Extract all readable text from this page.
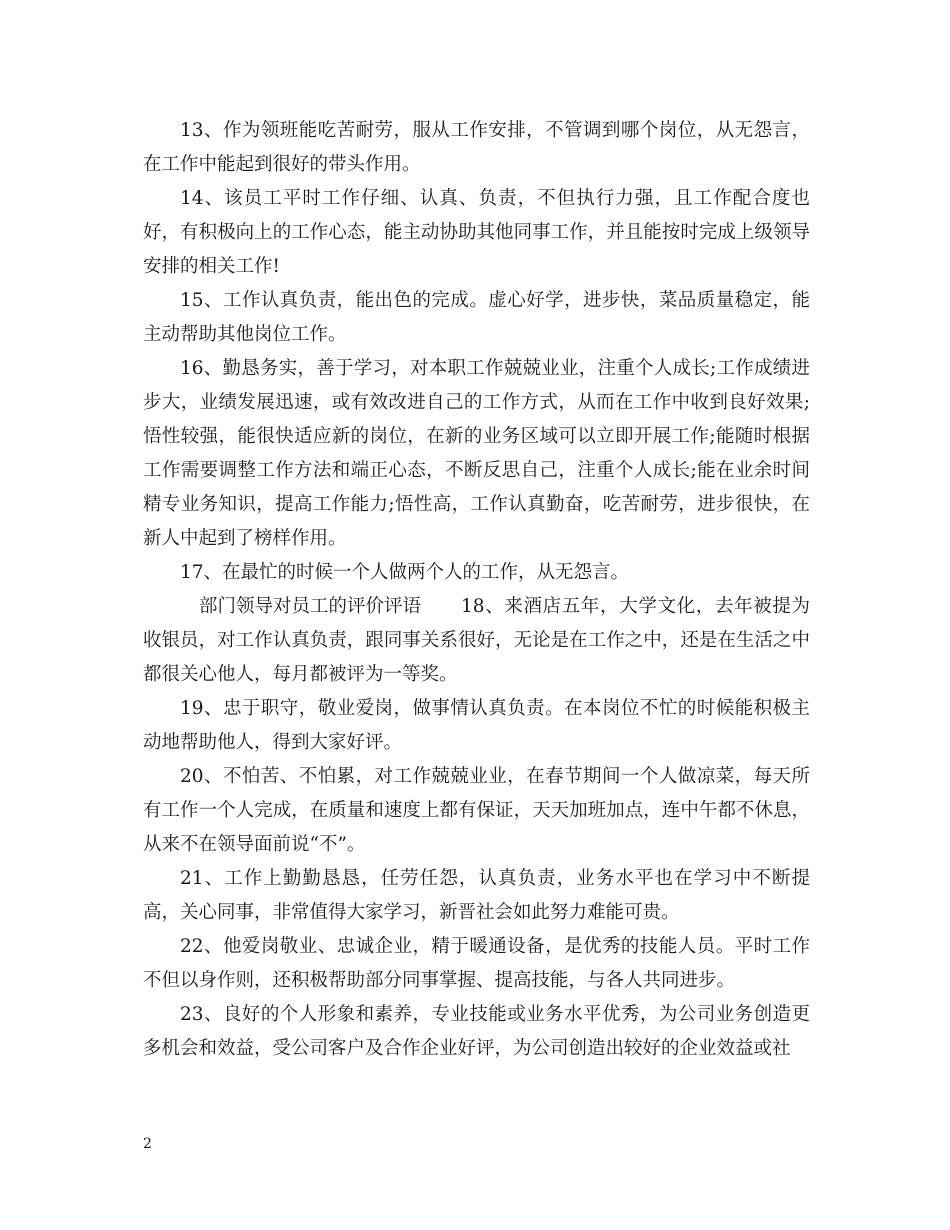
13、作为领班能吃苦耐劳，服从工作安排，不管调到哪个岗位，从无怨言，在工作中能起到很好的带头作用。

14、该员工平时工作仔细、认真、负责，不但执行力强，且工作配合度也好，有积极向上的工作心态，能主动协助其他同事工作，并且能按时完成上级领导安排的相关工作!

15、工作认真负责，能出色的完成。虚心好学，进步快，菜品质量稳定，能主动帮助其他岗位工作。

16、勤恳务实，善于学习，对本职工作兢兢业业，注重个人成长;工作成绩进步大，业绩发展迅速，或有效改进自己的工作方式，从而在工作中收到良好效果;悟性较强，能很快适应新的岗位，在新的业务区域可以立即开展工作;能随时根据工作需要调整工作方法和端正心态，不断反思自己，注重个人成长;能在业余时间精专业务知识，提高工作能力;悟性高，工作认真勤奋，吃苦耐劳，进步很快，在新人中起到了榜样作用。

17、在最忙的时候一个人做两个人的工作，从无怨言。

部门领导对员工的评价评语 18、来酒店五年，大学文化，去年被提为收银员，对工作认真负责，跟同事关系很好，无论是在工作之中，还是在生活之中都很关心他人，每月都被评为一等奖。

19、忠于职守，敬业爱岗，做事情认真负责。在本岗位不忙的时候能积极主动地帮助他人，得到大家好评。

20、不怕苦、不怕累，对工作兢兢业业，在春节期间一个人做凉菜，每天所有工作一个人完成，在质量和速度上都有保证，天天加班加点，连中午都不休息，从来不在领导面前说“不”。

21、工作上勤勤恳恳，任劳任怨，认真负责，业务水平也在学习中不断提高，关心同事，非常值得大家学习，新晋社会如此努力难能可贵。

22、他爱岗敬业、忠诚企业，精于暖通设备，是优秀的技能人员。平时工作不但以身作则，还积极帮助部分同事掌握、提高技能，与各人共同进步。

23、良好的个人形象和素养，专业技能或业务水平优秀，为公司业务创造更多机会和效益，受公司客户及合作企业好评，为公司创造出较好的企业效益或社

2
